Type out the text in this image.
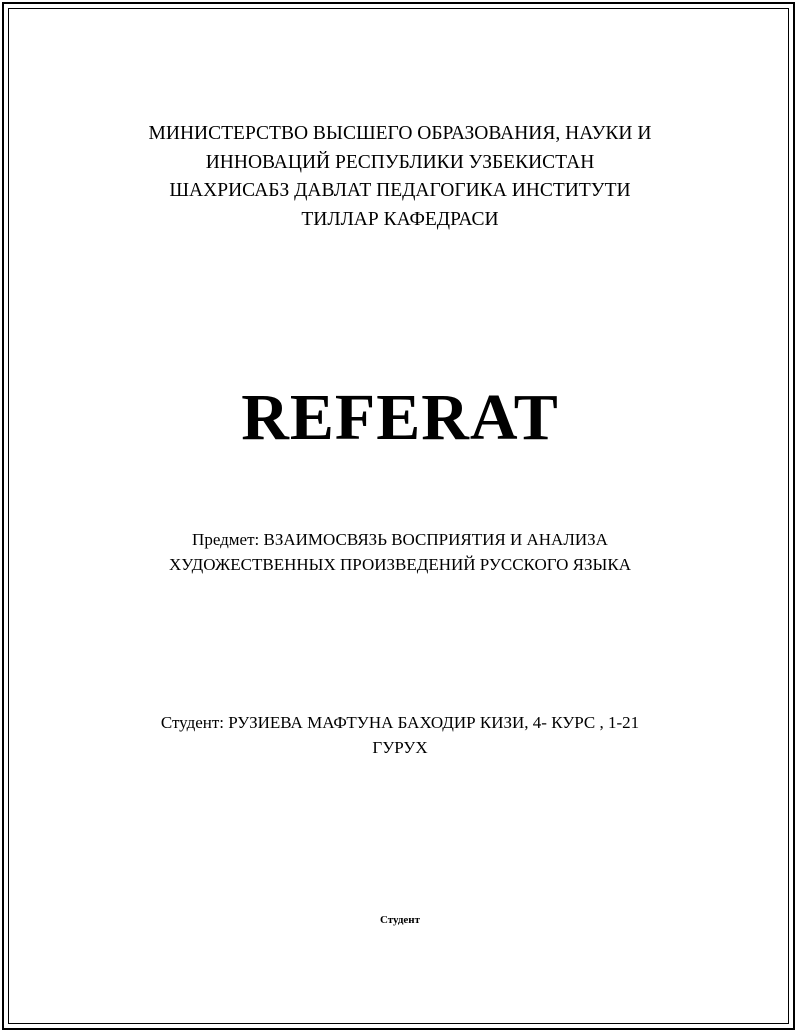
МИНИСТЕРСТВО ВЫСШЕГО ОБРАЗОВАНИЯ, НАУКИ И
ИННОВАЦИЙ РЕСПУБЛИКИ УЗБЕКИСТАН
ШАХРИСАБЗ ДАВЛАТ ПЕДАГОГИКА ИНСТИТУТИ
ТИЛЛАР КАФЕДРАСИ
REFERAT
Предмет: ВЗАИМОСВЯЗЬ ВОСПРИЯТИЯ И АНАЛИЗА
ХУДОЖЕСТВЕННЫХ ПРОИЗВЕДЕНИЙ РУССКОГО ЯЗЫКА
Студент: РУЗИЕВА МАФТУНА БАХОДИР КИЗИ, 4- КУРС , 1-21
ГУРУХ
Студент
